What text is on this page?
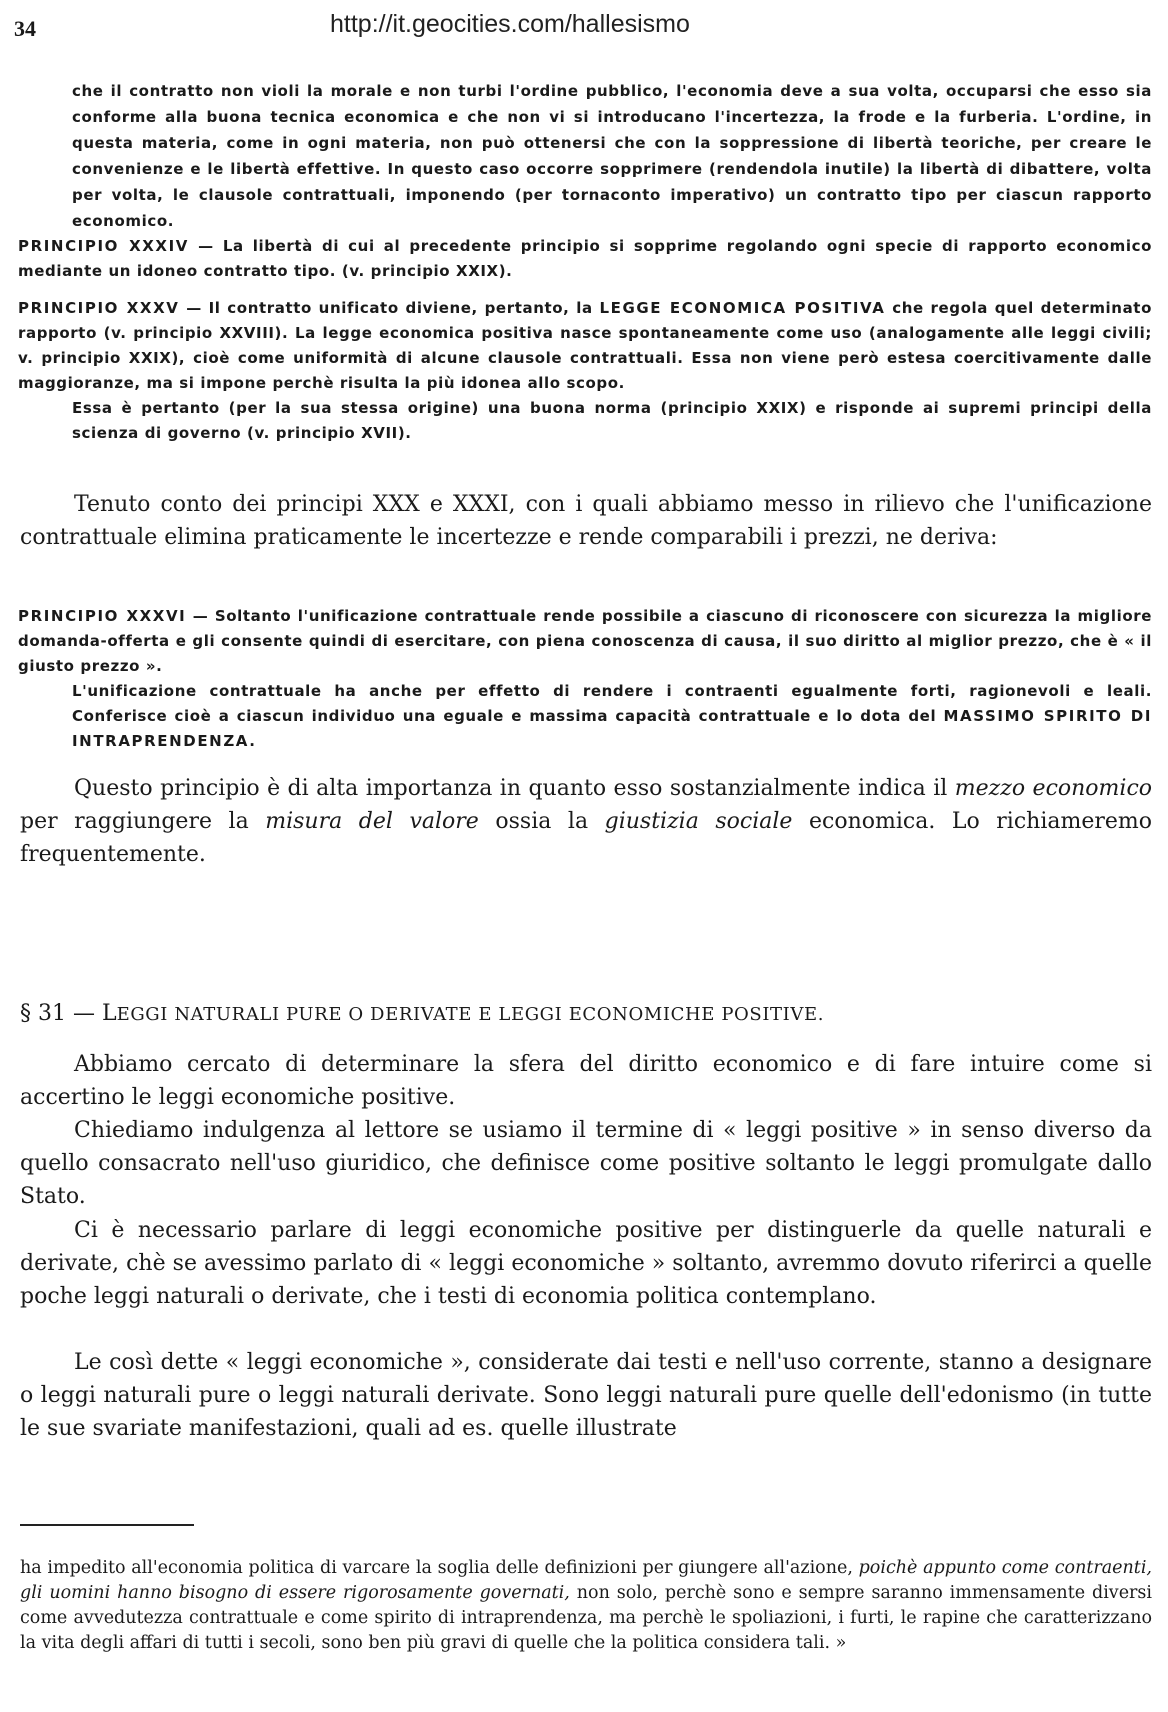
34	http://it.geocities.com/hallesismo
che il contratto non violi la morale e non turbi l'ordine pubblico, l'economia deve a sua volta, occuparsi che esso sia conforme alla buona tecnica economica e che non vi si introducano l'incertezza, la frode e la furberia. L'ordine, in questa materia, come in ogni materia, non può ottenersi che con la soppressione di libertà teoriche, per creare le convenienze e le libertà effettive. In questo caso occorre sopprimere (rendendola inutile) la libertà di dibattere, volta per volta, le clausole contrattuali, imponendo (per tornaconto imperativo) un contratto tipo per ciascun rapporto economico.
PRINCIPIO XXXIV — La libertà di cui al precedente principio si sopprime regolando ogni specie di rapporto economico mediante un idoneo contratto tipo. (v. principio XXIX).
PRINCIPIO XXXV — Il contratto unificato diviene, pertanto, la LEGGE ECONOMICA POSITIVA che regola quel determinato rapporto (v. principio XXVIII). La legge economica positiva nasce spontaneamente come uso (analogamente alle leggi civili; v. principio XXIX), cioè come uniformità di alcune clausole contrattuali. Essa non viene però estesa coercitivamente dalle maggioranze, ma si impone perchè risulta la più idonea allo scopo.
Essa è pertanto (per la sua stessa origine) una buona norma (principio XXIX) e risponde ai supremi principi della scienza di governo (v. principio XVII).
Tenuto conto dei principi XXX e XXXI, con i quali abbiamo messo in rilievo che l'unificazione contrattuale elimina praticamente le incertezze e rende comparabili i prezzi, ne deriva:
PRINCIPIO XXXVI — Soltanto l'unificazione contrattuale rende possibile a ciascuno di riconoscere con sicurezza la migliore domanda-offerta e gli consente quindi di esercitare, con piena conoscenza di causa, il suo diritto al miglior prezzo, che è « il giusto prezzo ».
L'unificazione contrattuale ha anche per effetto di rendere i contraenti egualmente forti, ragionevoli e leali. Conferisce cioè a ciascun individuo una eguale e massima capacità contrattuale e lo dota del MASSIMO SPIRITO DI INTRAPRENDENZA.
Questo principio è di alta importanza in quanto esso sostanzialmente indica il mezzo economico per raggiungere la misura del valore ossia la giustizia sociale economica. Lo richiameremo frequentemente.
§ 31 — LEGGI NATURALI PURE O DERIVATE E LEGGI ECONOMICHE POSITIVE.
Abbiamo cercato di determinare la sfera del diritto economico e di fare intuire come si accertino le leggi economiche positive.
Chiediamo indulgenza al lettore se usiamo il termine di « leggi positive » in senso diverso da quello consacrato nell'uso giuridico, che definisce come positive soltanto le leggi promulgate dallo Stato.
Ci è necessario parlare di leggi economiche positive per distinguerle da quelle naturali e derivate, chè se avessimo parlato di « leggi economiche » soltanto, avremmo dovuto riferirci a quelle poche leggi naturali o derivate, che i testi di economia politica contemplano.
Le così dette « leggi economiche », considerate dai testi e nell'uso corrente, stanno a designare o leggi naturali pure o leggi naturali derivate. Sono leggi naturali pure quelle dell'edonismo (in tutte le sue svariate manifestazioni, quali ad es. quelle illustrate
ha impedito all'economia politica di varcare la soglia delle definizioni per giungere all'azione, poichè appunto come contraenti, gli uomini hanno bisogno di essere rigorosamente governati, non solo, perchè sono e sempre saranno immensamente diversi come avvedutezza contrattuale e come spirito di intraprendenza, ma perchè le spoliazioni, i furti, le rapine che caratterizzano la vita degli affari di tutti i secoli, sono ben più gravi di quelle che la politica considera tali. »
